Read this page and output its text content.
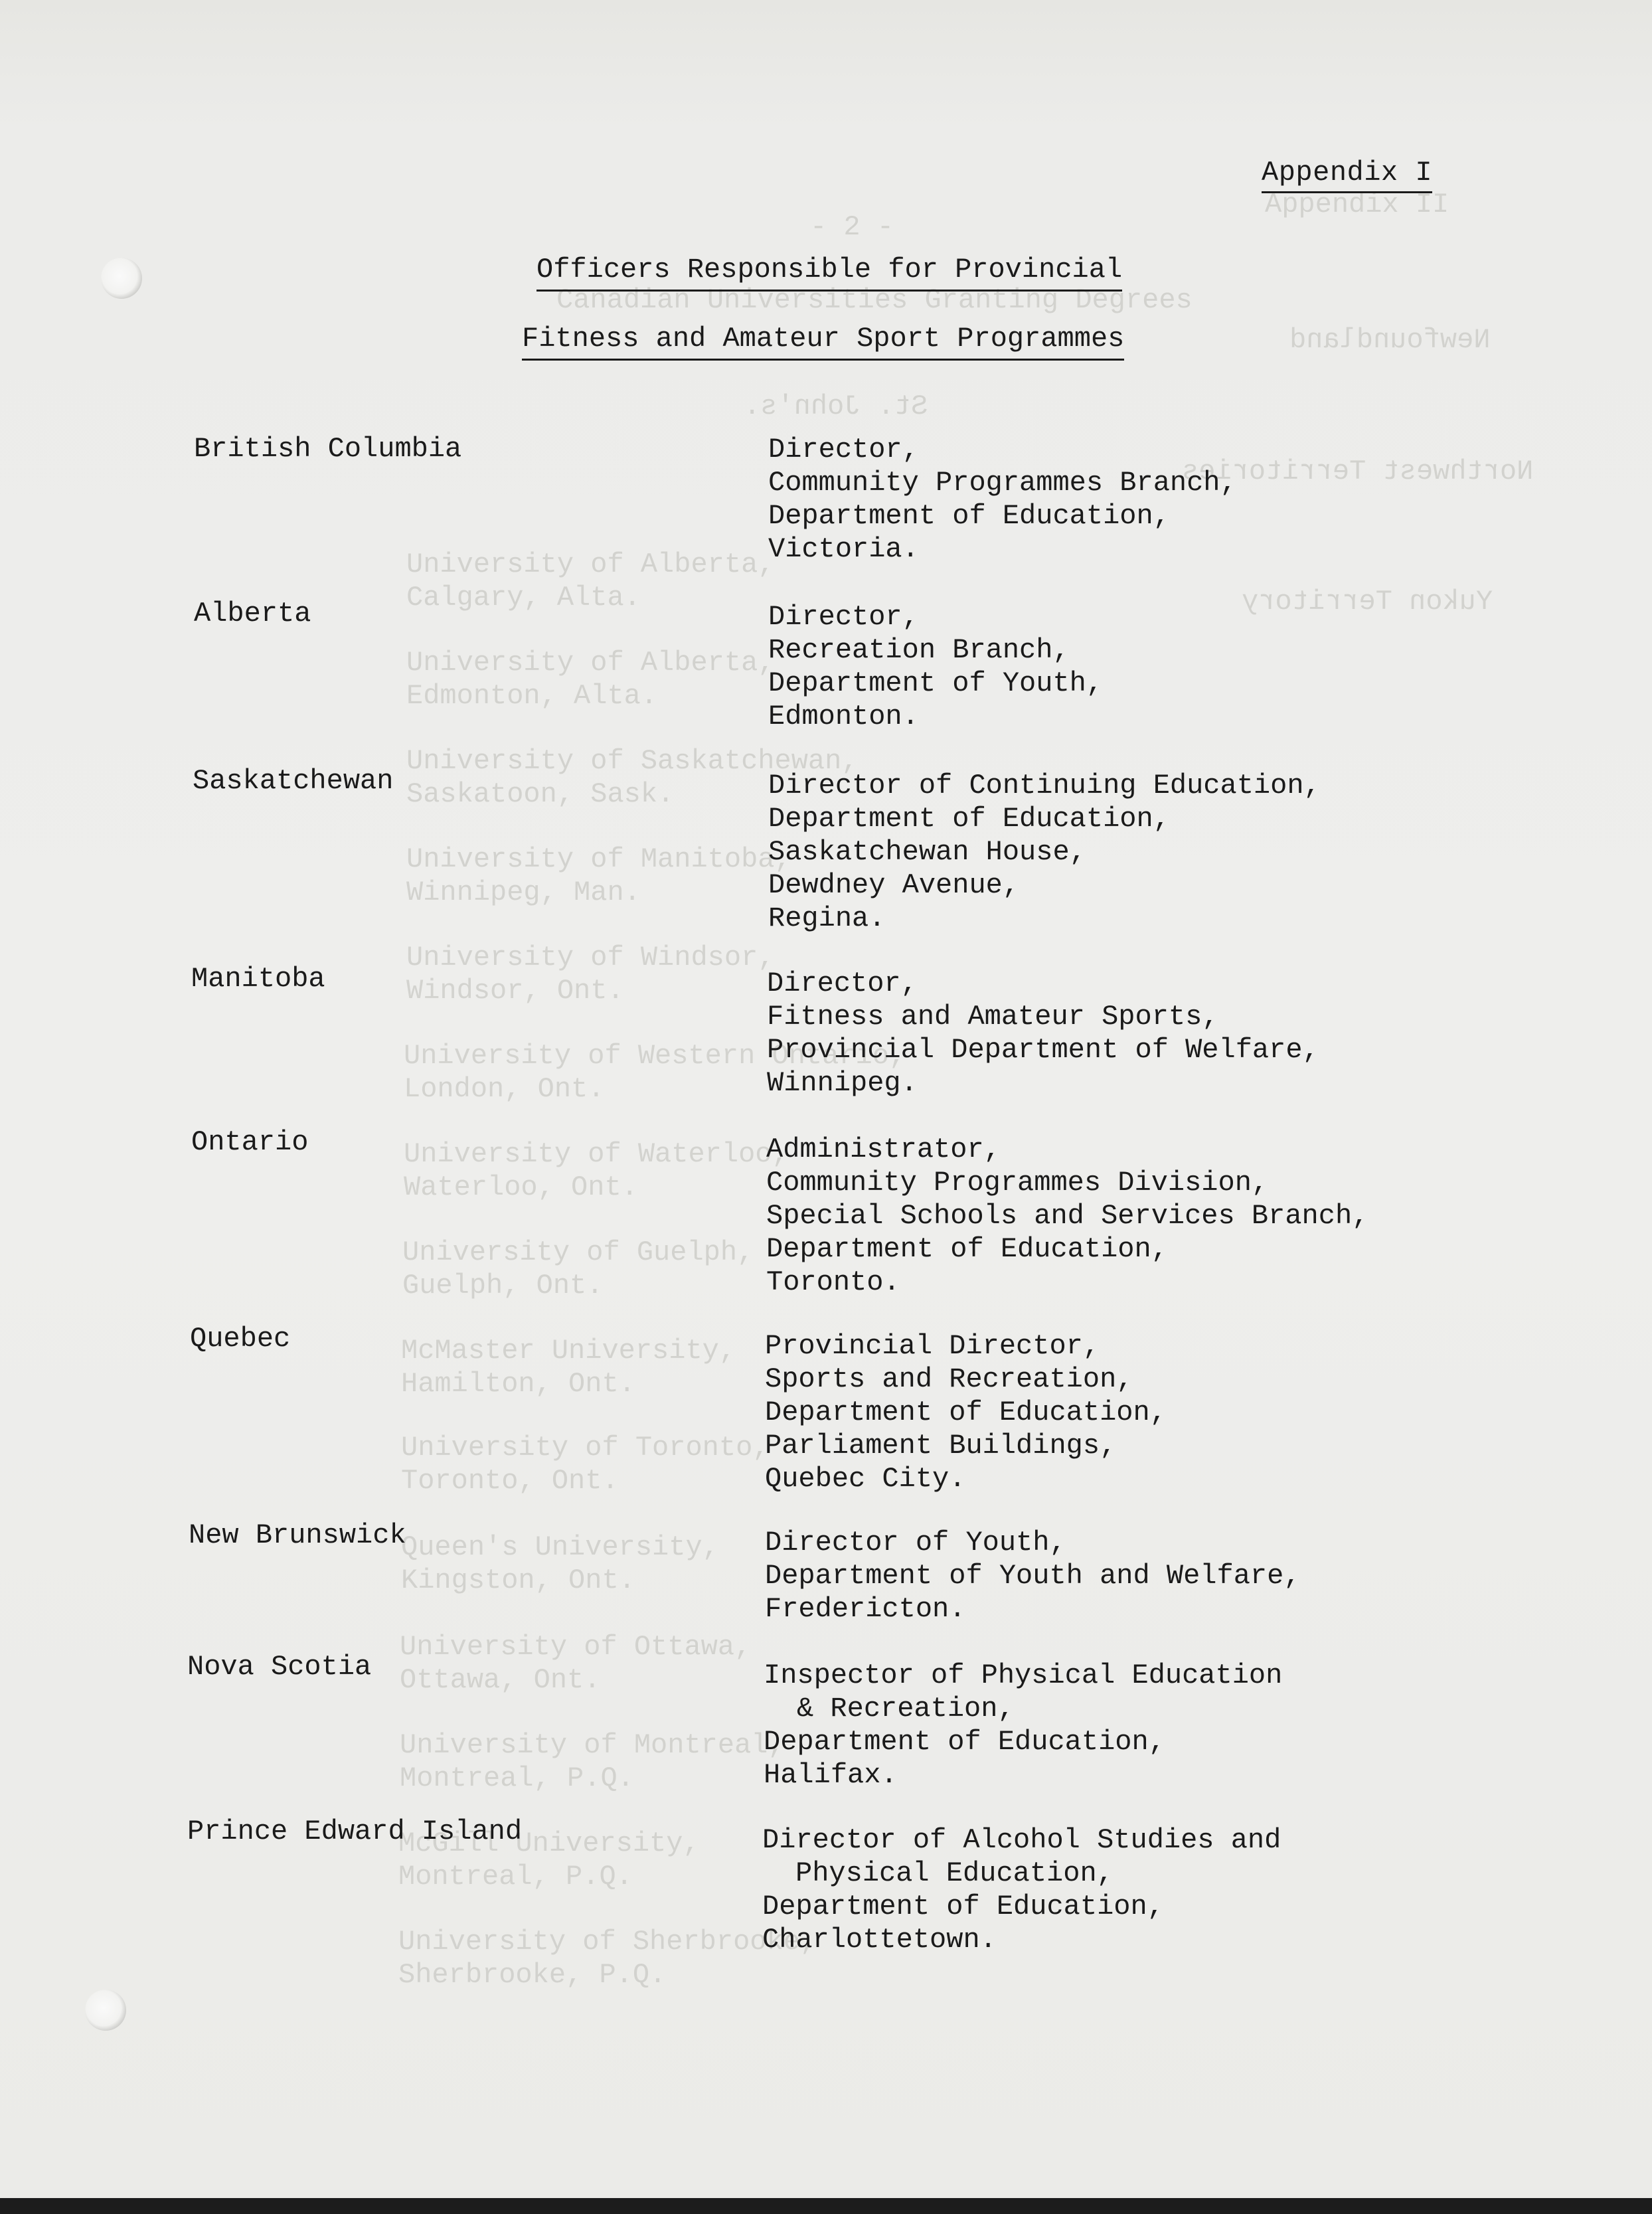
- 2 -
Appendix II
Canadian Universities Granting Degrees
Newfoundland
Northwest Territories
Yukon Territory
St. John's.
University of Alberta,
Calgary, Alta.
University of Alberta,
Edmonton, Alta.
University of Saskatchewan,
Saskatoon, Sask.
University of Manitoba,
Winnipeg, Man.
University of Windsor,
Windsor, Ont.
University of Western Ontario,
London, Ont.
University of Waterloo,
Waterloo, Ont.
University of Guelph,
Guelph, Ont.
McMaster University,
Hamilton, Ont.
University of Toronto,
Toronto, Ont.
Queen's University,
Kingston, Ont.
University of Ottawa,
Ottawa, Ont.
University of Montreal,
Montreal, P.Q.
McGill University,
Montreal, P.Q.
University of Sherbrooke,
Sherbrooke, P.Q.
Appendix I
Officers Responsible for Provincial
Fitness and Amateur Sport Programmes
British Columbia	Director,
Community Programmes Branch,
Department of Education,
Victoria.
Alberta	Director,
Recreation Branch,
Department of Youth,
Edmonton.
Saskatchewan	Director of Continuing Education,
Department of Education,
Saskatchewan House,
Dewdney Avenue,
Regina.
Manitoba	Director,
Fitness and Amateur Sports,
Provincial Department of Welfare,
Winnipeg.
Ontario	Administrator,
Community Programmes Division,
Special Schools and Services Branch,
Department of Education,
Toronto.
Quebec	Provincial Director,
Sports and Recreation,
Department of Education,
Parliament Buildings,
Quebec City.
New Brunswick	Director of Youth,
Department of Youth and Welfare,
Fredericton.
Nova Scotia	Inspector of Physical Education
& Recreation,
Department of Education,
Halifax.
Prince Edward Island	Director of Alcohol Studies and
Physical Education,
Department of Education,
Charlottetown.
